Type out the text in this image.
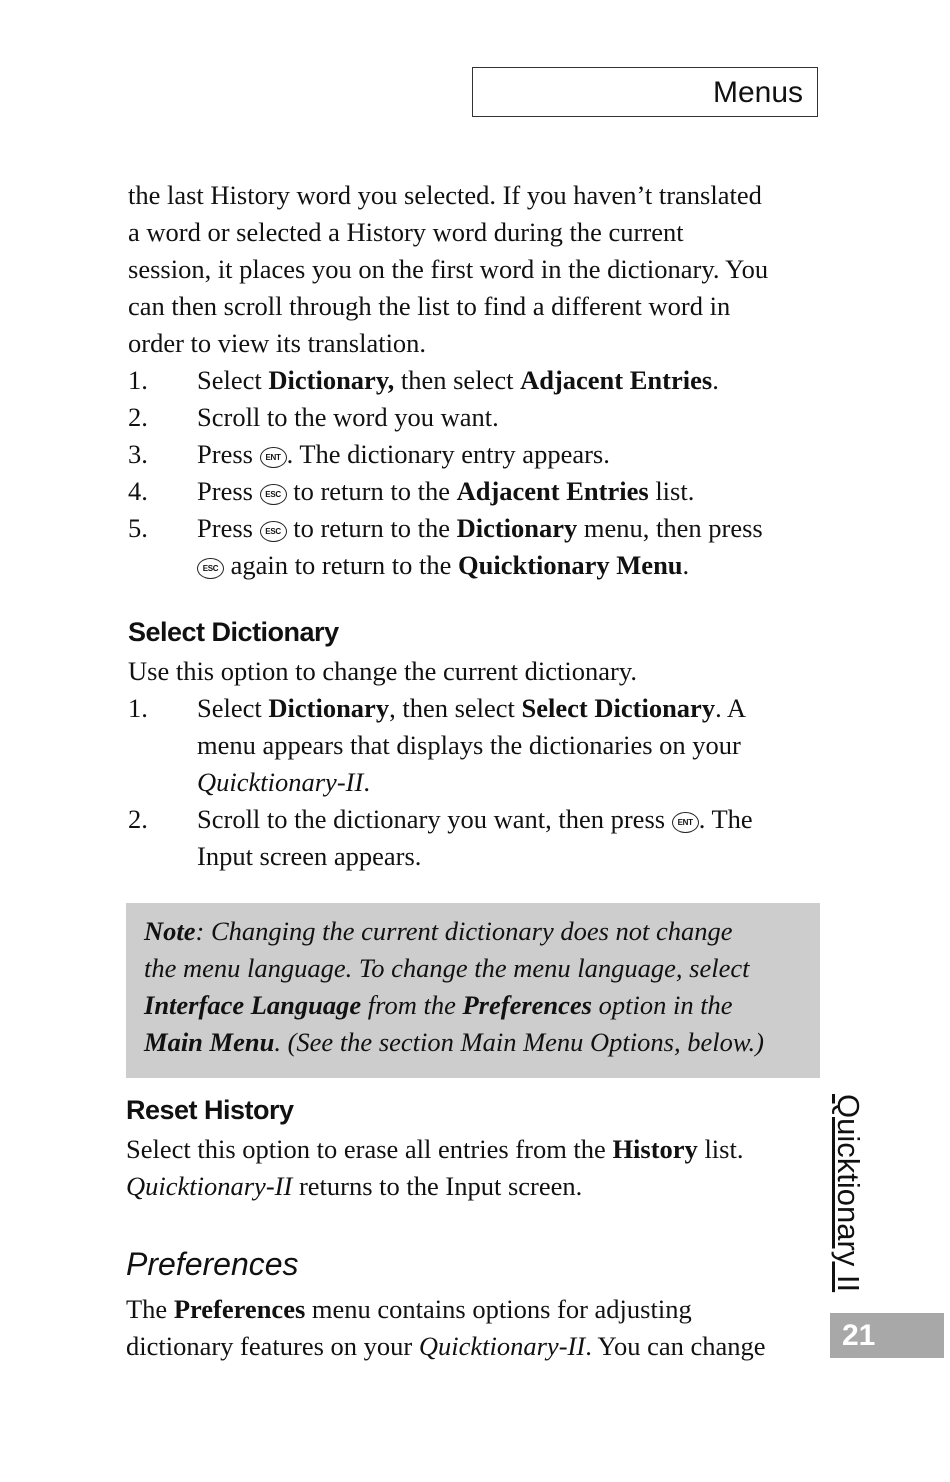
Menus
the last History word you selected. If you haven’t translated
a word or selected a History word during the current
session, it places you on the first word in the dictionary. You
can then scroll through the list to find a different word in
order to view its translation.
1. Select Dictionary, then select Adjacent Entries.
2. Scroll to the word you want.
3. Press ENT . The dictionary entry appears.
4. Press ESC to return to the Adjacent Entries list.
5. Press ESC to return to the Dictionary menu, then press
ESC again to return to the Quicktionary Menu.
Select Dictionary
Use this option to change the current dictionary.
1. Select Dictionary, then select Select Dictionary. A
menu appears that displays the dictionaries on your
Quicktionary-II.
2. Scroll to the dictionary you want, then press ENT . The
Input screen appears.
Note: Changing the current dictionary does not change
the menu language. To change the menu language, select
Interface Language from the Preferences option in the
Main Menu. (See the section Main Menu Options, below.)
Reset History
Select this option to erase all entries from the History list.
Quicktionary-II returns to the Input screen.
Preferences
The Preferences menu contains options for adjusting
dictionary features on your Quicktionary-II. You can change
Quicktionary II
21
